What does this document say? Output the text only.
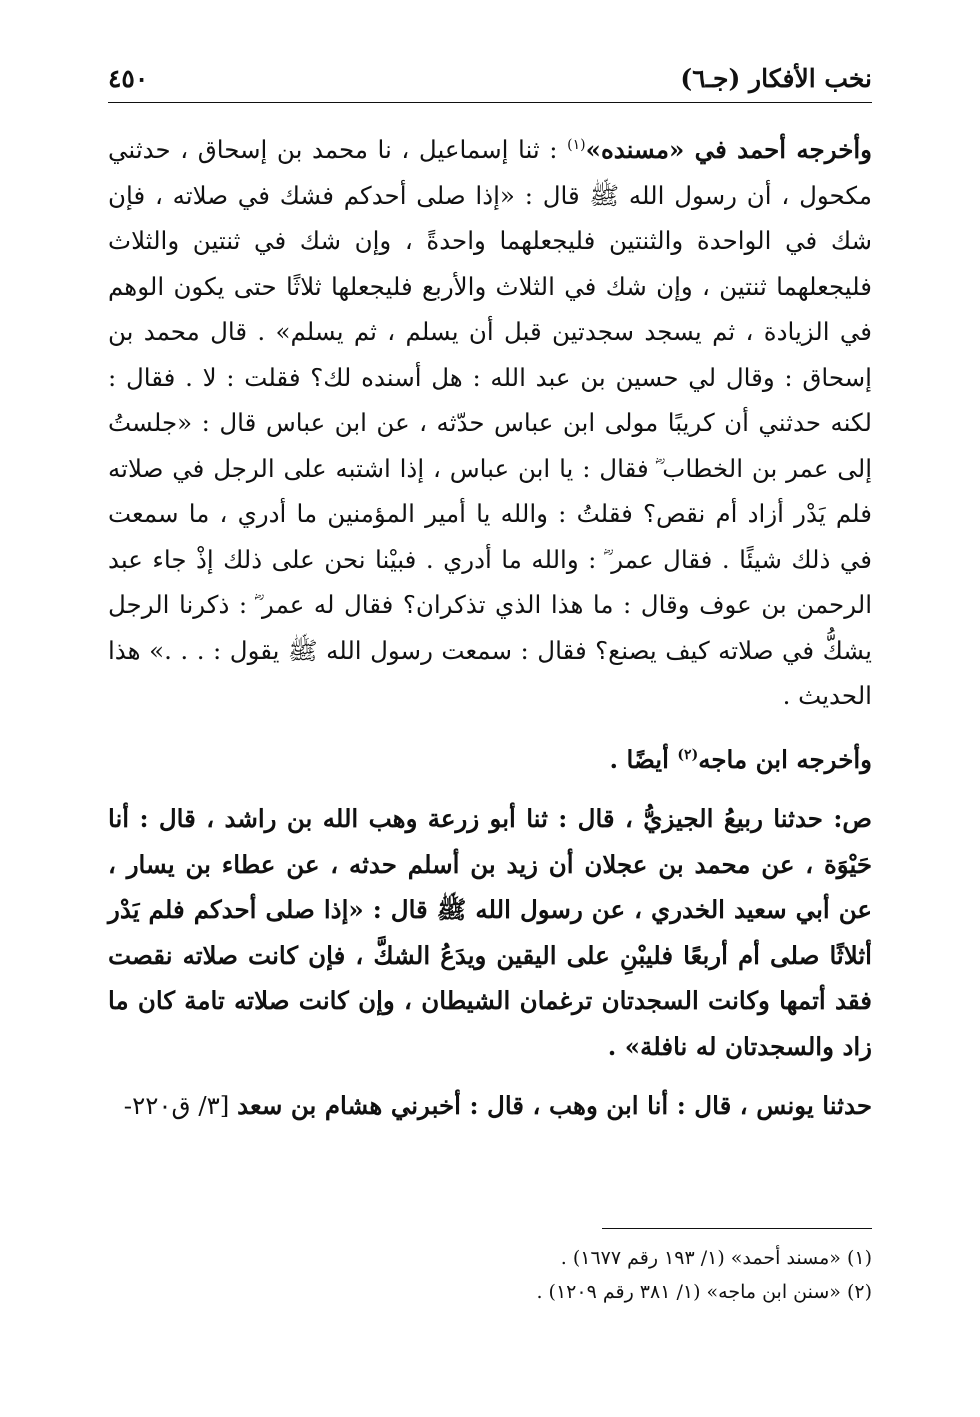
نخب الأفكار (جـ٦)
٤٥٠

وأخرجه أحمد في «مسنده»$^{(١)}$ : ثنا إسماعيل ، نا محمد بن إسحاق ، حدثني مكحول ، أن رسول الله ﷺ قال : «إذا صلى أحدكم فشك في صلاته ، فإن شك في الواحدة والثنتين فليجعلهما واحدةً ، وإن شك في ثنتين والثلاث فليجعلهما ثنتين ، وإن شك في الثلاث والأربع فليجعلها ثلاثًا حتى يكون الوهم في الزيادة ، ثم يسجد سجدتين قبل أن يسلم ، ثم يسلم» . قال محمد بن إسحاق : وقال لي حسين بن عبد الله : هل أسنده لك؟ فقلت : لا . فقال : لكنه حدثني أن كريبًا مولى ابن عباس حدّثه ، عن ابن عباس قال : «جلستُ إلى عمر بن الخطاب ؓ فقال : يا ابن عباس ، إذا اشتبه على الرجل في صلاته فلم يَدْر أزاد أم نقص؟ فقلتُ : والله يا أمير المؤمنين ما أدري ، ما سمعت في ذلك شيئًا . فقال عمر ؓ : والله ما أدري . فبيْنا نحن على ذلك إذْ جاء عبد الرحمن بن عوف وقال : ما هذا الذي تذكران؟ فقال له عمر ؓ : ذكرنا الرجل يشكُّ في صلاته كيف يصنع؟ فقال : سمعت رسول الله ﷺ يقول : . . .» هذا الحديث .

وأخرجه ابن ماجه$^{(٢)}$ أيضًا .

ص: حدثنا ربيعُ الجيزيُّ ، قال : ثنا أبو زرعة وهب الله بن راشد ، قال : أنا حَيْوَة ، عن محمد بن عجلان أن زيد بن أسلم حدثه ، عن عطاء بن يسار ، عن أبي سعيد الخدري ، عن رسول الله ﷺ قال : «إذا صلى أحدكم فلم يَدْر أثلاثًا صلى أم أربعًا فليبْنِ على اليقين ويدَعُ الشكَّ ، فإن كانت صلاته نقصت فقد أتمها وكانت السجدتان ترغمان الشيطان ، وإن كانت صلاته تامة كان ما زاد والسجدتان له نافلة» .

حدثنا يونس ، قال : أنا ابن وهب ، قال : أخبرني هشام بن سعد [٣/ ق٢٢٠-

(١) «مسند أحمد» (١/ ١٩٣ رقم ١٦٧٧) .
(٢) «سنن ابن ماجه» (١/ ٣٨١ رقم ١٢٠٩) .
